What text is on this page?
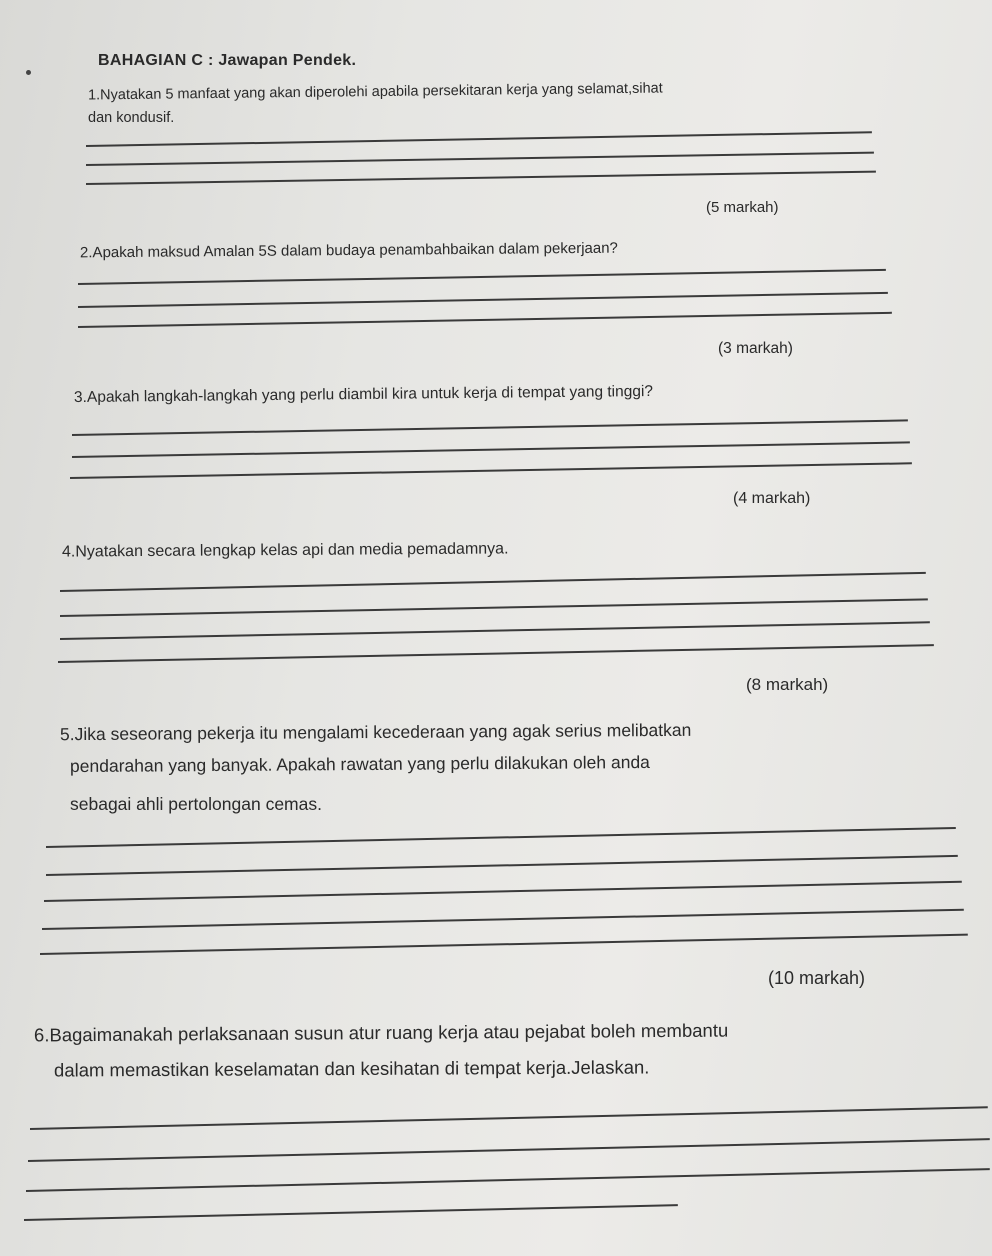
BAHAGIAN C : Jawapan Pendek.
1.Nyatakan 5 manfaat yang akan diperolehi apabila persekitaran kerja yang selamat,sihat
dan kondusif.
(5 markah)
2.Apakah maksud Amalan 5S dalam budaya penambahbaikan dalam pekerjaan?
(3 markah)
3.Apakah langkah-langkah yang perlu diambil kira untuk kerja di tempat yang tinggi?
(4 markah)
4.Nyatakan secara lengkap kelas api dan media pemadamnya.
(8 markah)
5.Jika seseorang pekerja itu mengalami kecederaan yang agak serius melibatkan
pendarahan yang banyak. Apakah rawatan yang perlu dilakukan oleh anda
sebagai ahli pertolongan cemas.
(10 markah)
6.Bagaimanakah perlaksanaan susun atur ruang kerja atau pejabat boleh membantu
dalam memastikan keselamatan dan kesihatan di tempat kerja.Jelaskan.
